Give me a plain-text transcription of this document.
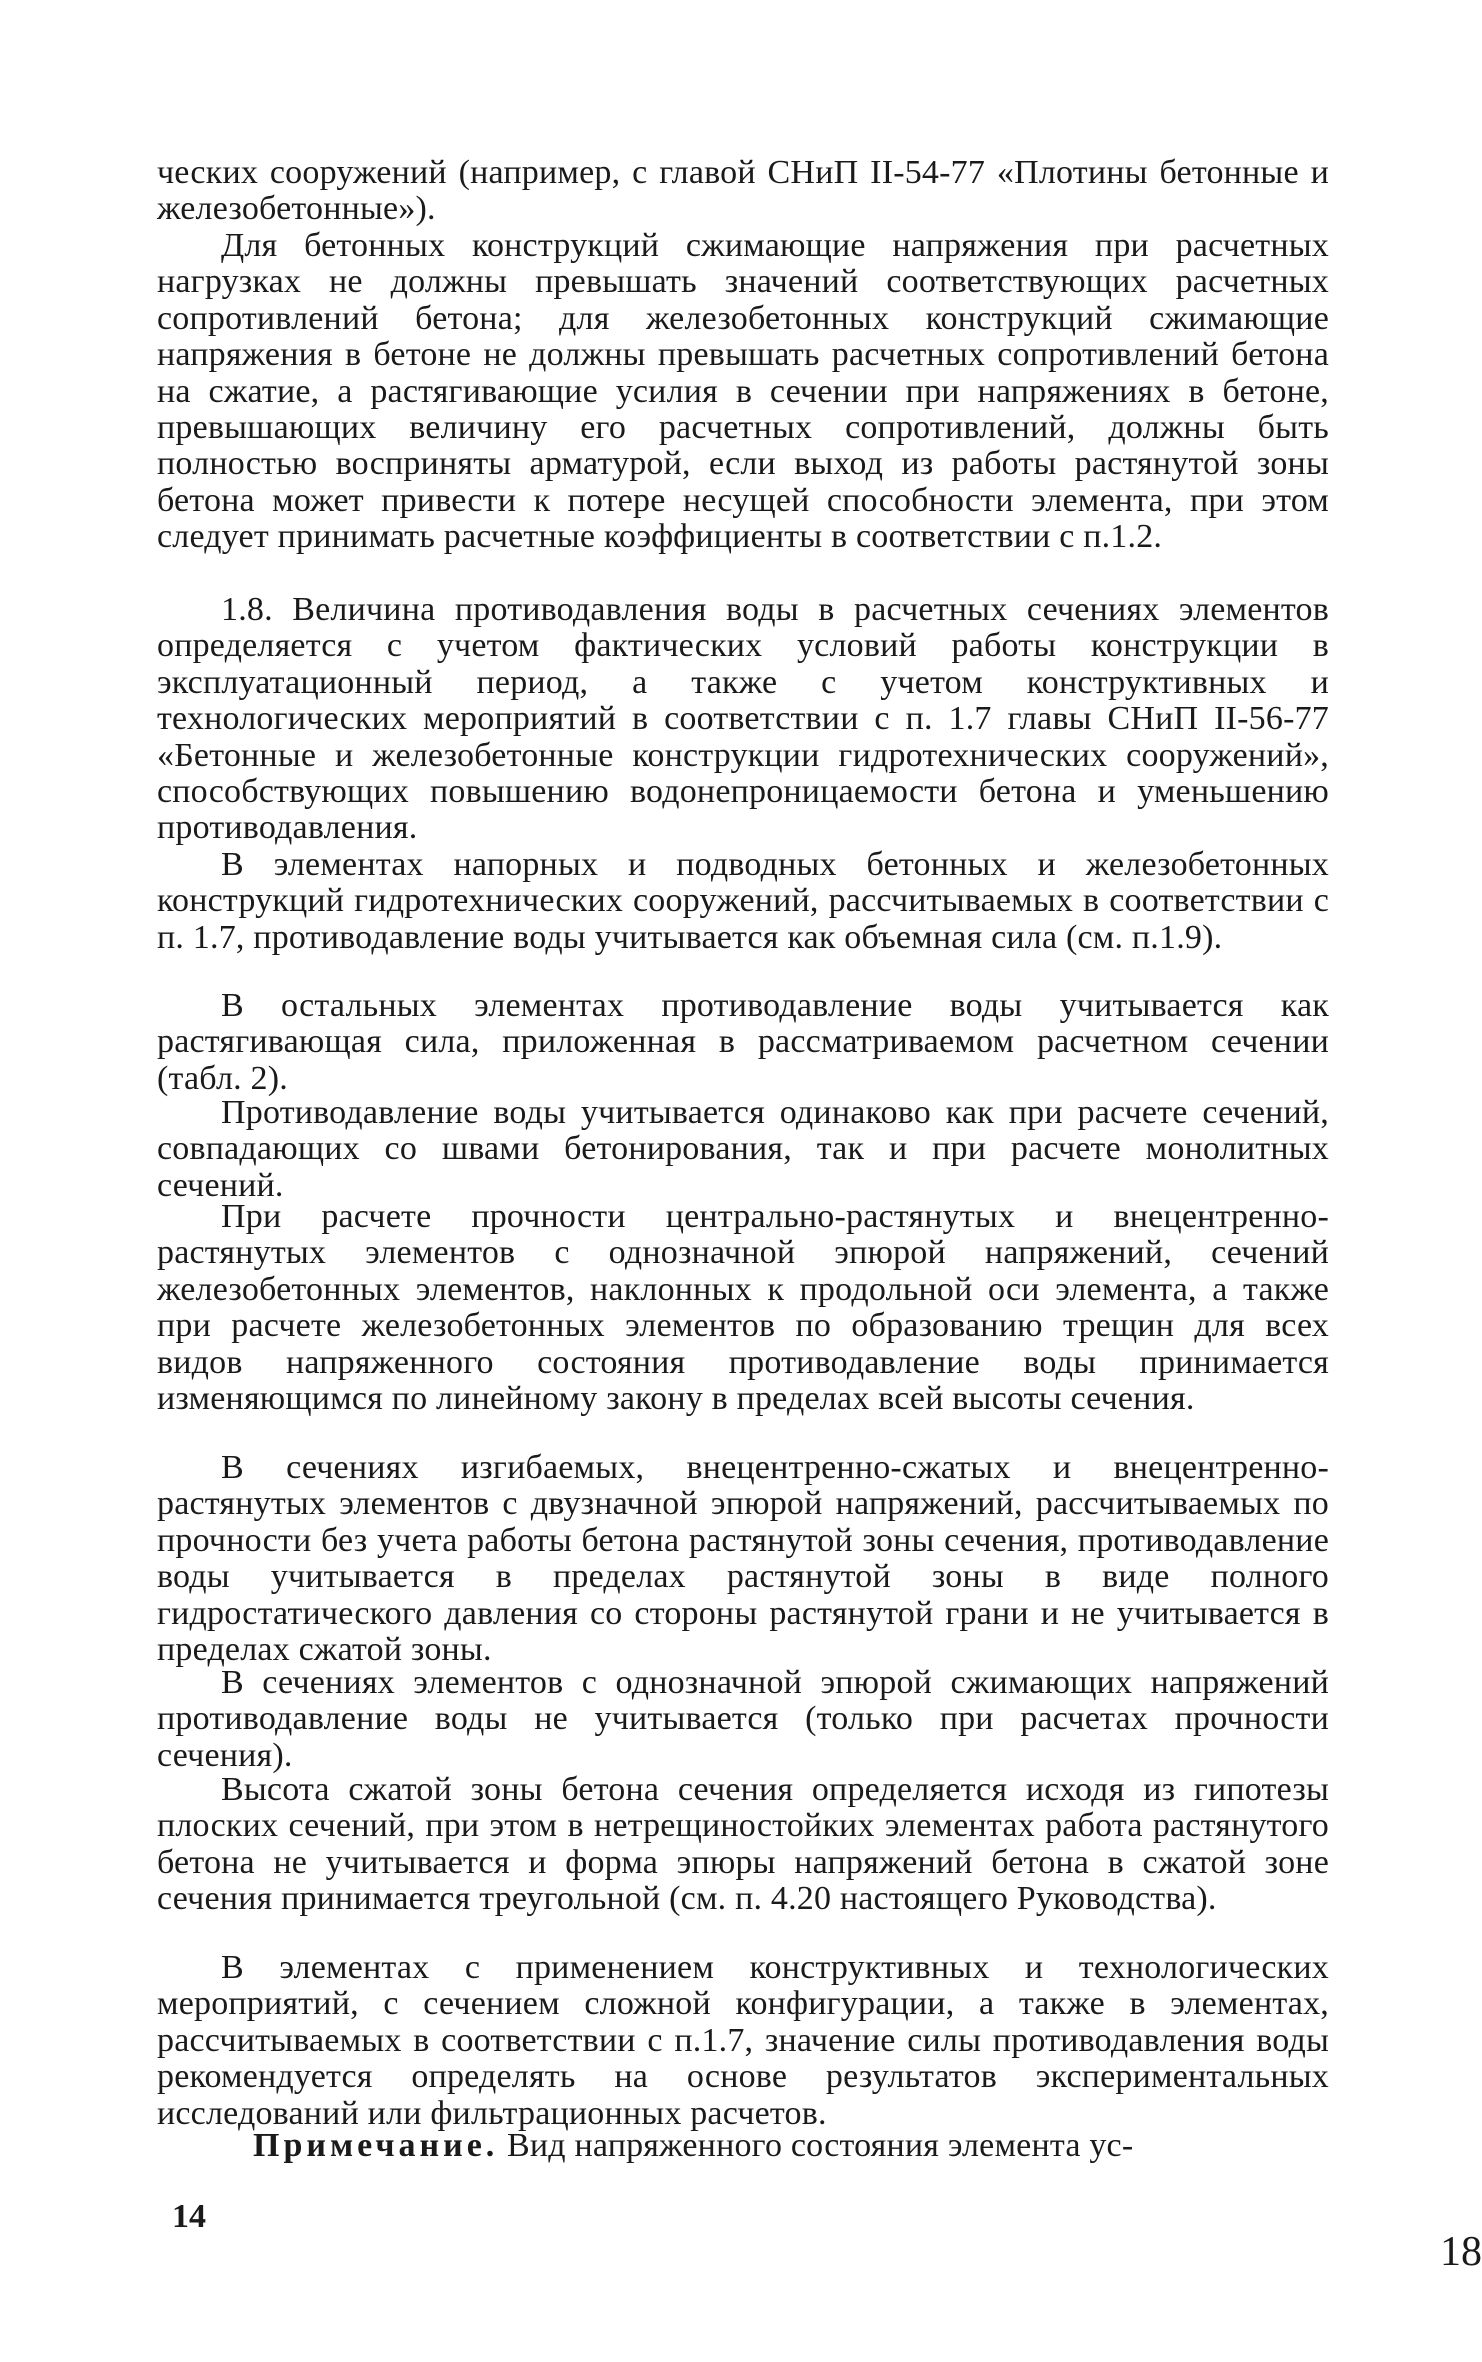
ческих сооружений (например, с главой СНиП II-54-77 «Плотины бетонные и железобетонные»).

Для бетонных конструкций сжимающие напряжения при расчетных нагрузках не должны превышать значений соответствующих расчетных сопротивлений бетона; для железобетонных конструкций сжимающие напряжения в бетоне не должны превышать расчетных сопротивлений бетона на сжатие, а растягивающие усилия в сечении при напряжениях в бетоне, превышающих величину его расчетных сопротивлений, должны быть полностью восприняты арматурой, если выход из работы растянутой зоны бетона может привести к потере несущей способности элемента, при этом следует принимать расчетные коэффициенты в соответствии с п.1.2.

1.8. Величина противодавления воды в расчетных сечениях элементов определяется с учетом фактических условий работы конструкции в эксплуатационный период, а также с учетом конструктивных и технологических мероприятий в соответствии с п. 1.7 главы СНиП II-56-77 «Бетонные и железобетонные конструкции гидротехнических сооружений», способствующих повышению водонепроницаемости бетона и уменьшению противодавления.

В элементах напорных и подводных бетонных и железобетонных конструкций гидротехнических сооружений, рассчитываемых в соответствии с п. 1.7, противодавление воды учитывается как объемная сила (см. п.1.9).

В остальных элементах противодавление воды учитывается как растягивающая сила, приложенная в рассматриваемом расчетном сечении (табл. 2).

Противодавление воды учитывается одинаково как при расчете сечений, совпадающих со швами бетонирования, так и при расчете монолитных сечений.

При расчете прочности центрально-растянутых и внецентренно-растянутых элементов с однозначной эпюрой напряжений, сечений железобетонных элементов, наклонных к продольной оси элемента, а также при расчете железобетонных элементов по образованию трещин для всех видов напряженного состояния противодавление воды принимается изменяющимся по линейному закону в пределах всей высоты сечения.

В сечениях изгибаемых, внецентренно-сжатых и внецентренно-растянутых элементов с двузначной эпюрой напряжений, рассчитываемых по прочности без учета работы бетона растянутой зоны сечения, противодавление воды учитывается в пределах растянутой зоны в виде полного гидростатического давления со стороны растянутой грани и не учитывается в пределах сжатой зоны.

В сечениях элементов с однозначной эпюрой сжимающих напряжений противодавление воды не учитывается (только при расчетах прочности сечения).

Высота сжатой зоны бетона сечения определяется исходя из гипотезы плоских сечений, при этом в нетрещиностойких элементах работа растянутого бетона не учитывается и форма эпюры напряжений бетона в сжатой зоне сечения принимается треугольной (см. п. 4.20 настоящего Руководства).

В элементах с применением конструктивных и технологических мероприятий, с сечением сложной конфигурации, а также в элементах, рассчитываемых в соответствии с п.1.7, значение силы противодавления воды рекомендуется определять на основе результатов экспериментальных исследований или фильтрационных расчетов.

Примечание. Вид напряженного состояния элемента ус-

14

18
